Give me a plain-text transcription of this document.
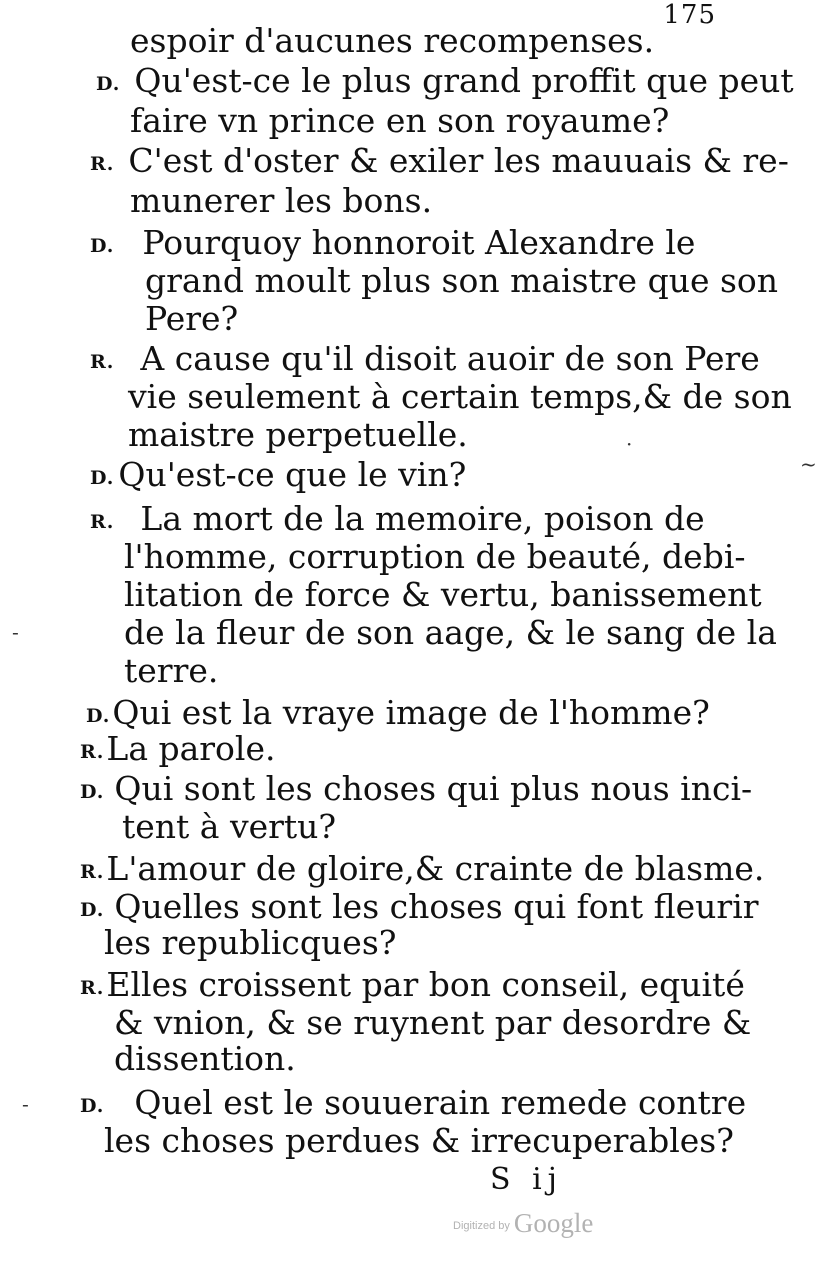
175
espoir d'aucunes recompenses.
D. Qu'est-ce le plus grand proffit que peut
faire vn prince en son royaume?
R. C'est d'oster & exiler les mauuais & re-
munerer les bons.
D. Pourquoy honnoroit Alexandre le
grand moult plus son maistre que son
Pere?
R. A cause qu'il disoit auoir de son Pere
vie seulement à certain temps,& de son
maistre perpetuelle.
D. Qu'est-ce que le vin?
R. La mort de la memoire, poison de
l'homme, corruption de beauté, debi-
litation de force & vertu, banissement
de la fleur de son aage, & le sang de la
terre.
D.Qui est la vraye image de l'homme?
R.La parole.
D. Qui sont les choses qui plus nous inci-
tent à vertu?
R.L'amour de gloire,& crainte de blasme.
D. Quelles sont les choses qui font fleurir
les republicques?
R.Elles croissent par bon conseil, equité
& vnion, & se ruynent par desordre &
dissention.
D. Quel est le souuerain remede contre
les choses perdues & irrecuperables?
S ij
Digitized by Google
~
-
·
-
